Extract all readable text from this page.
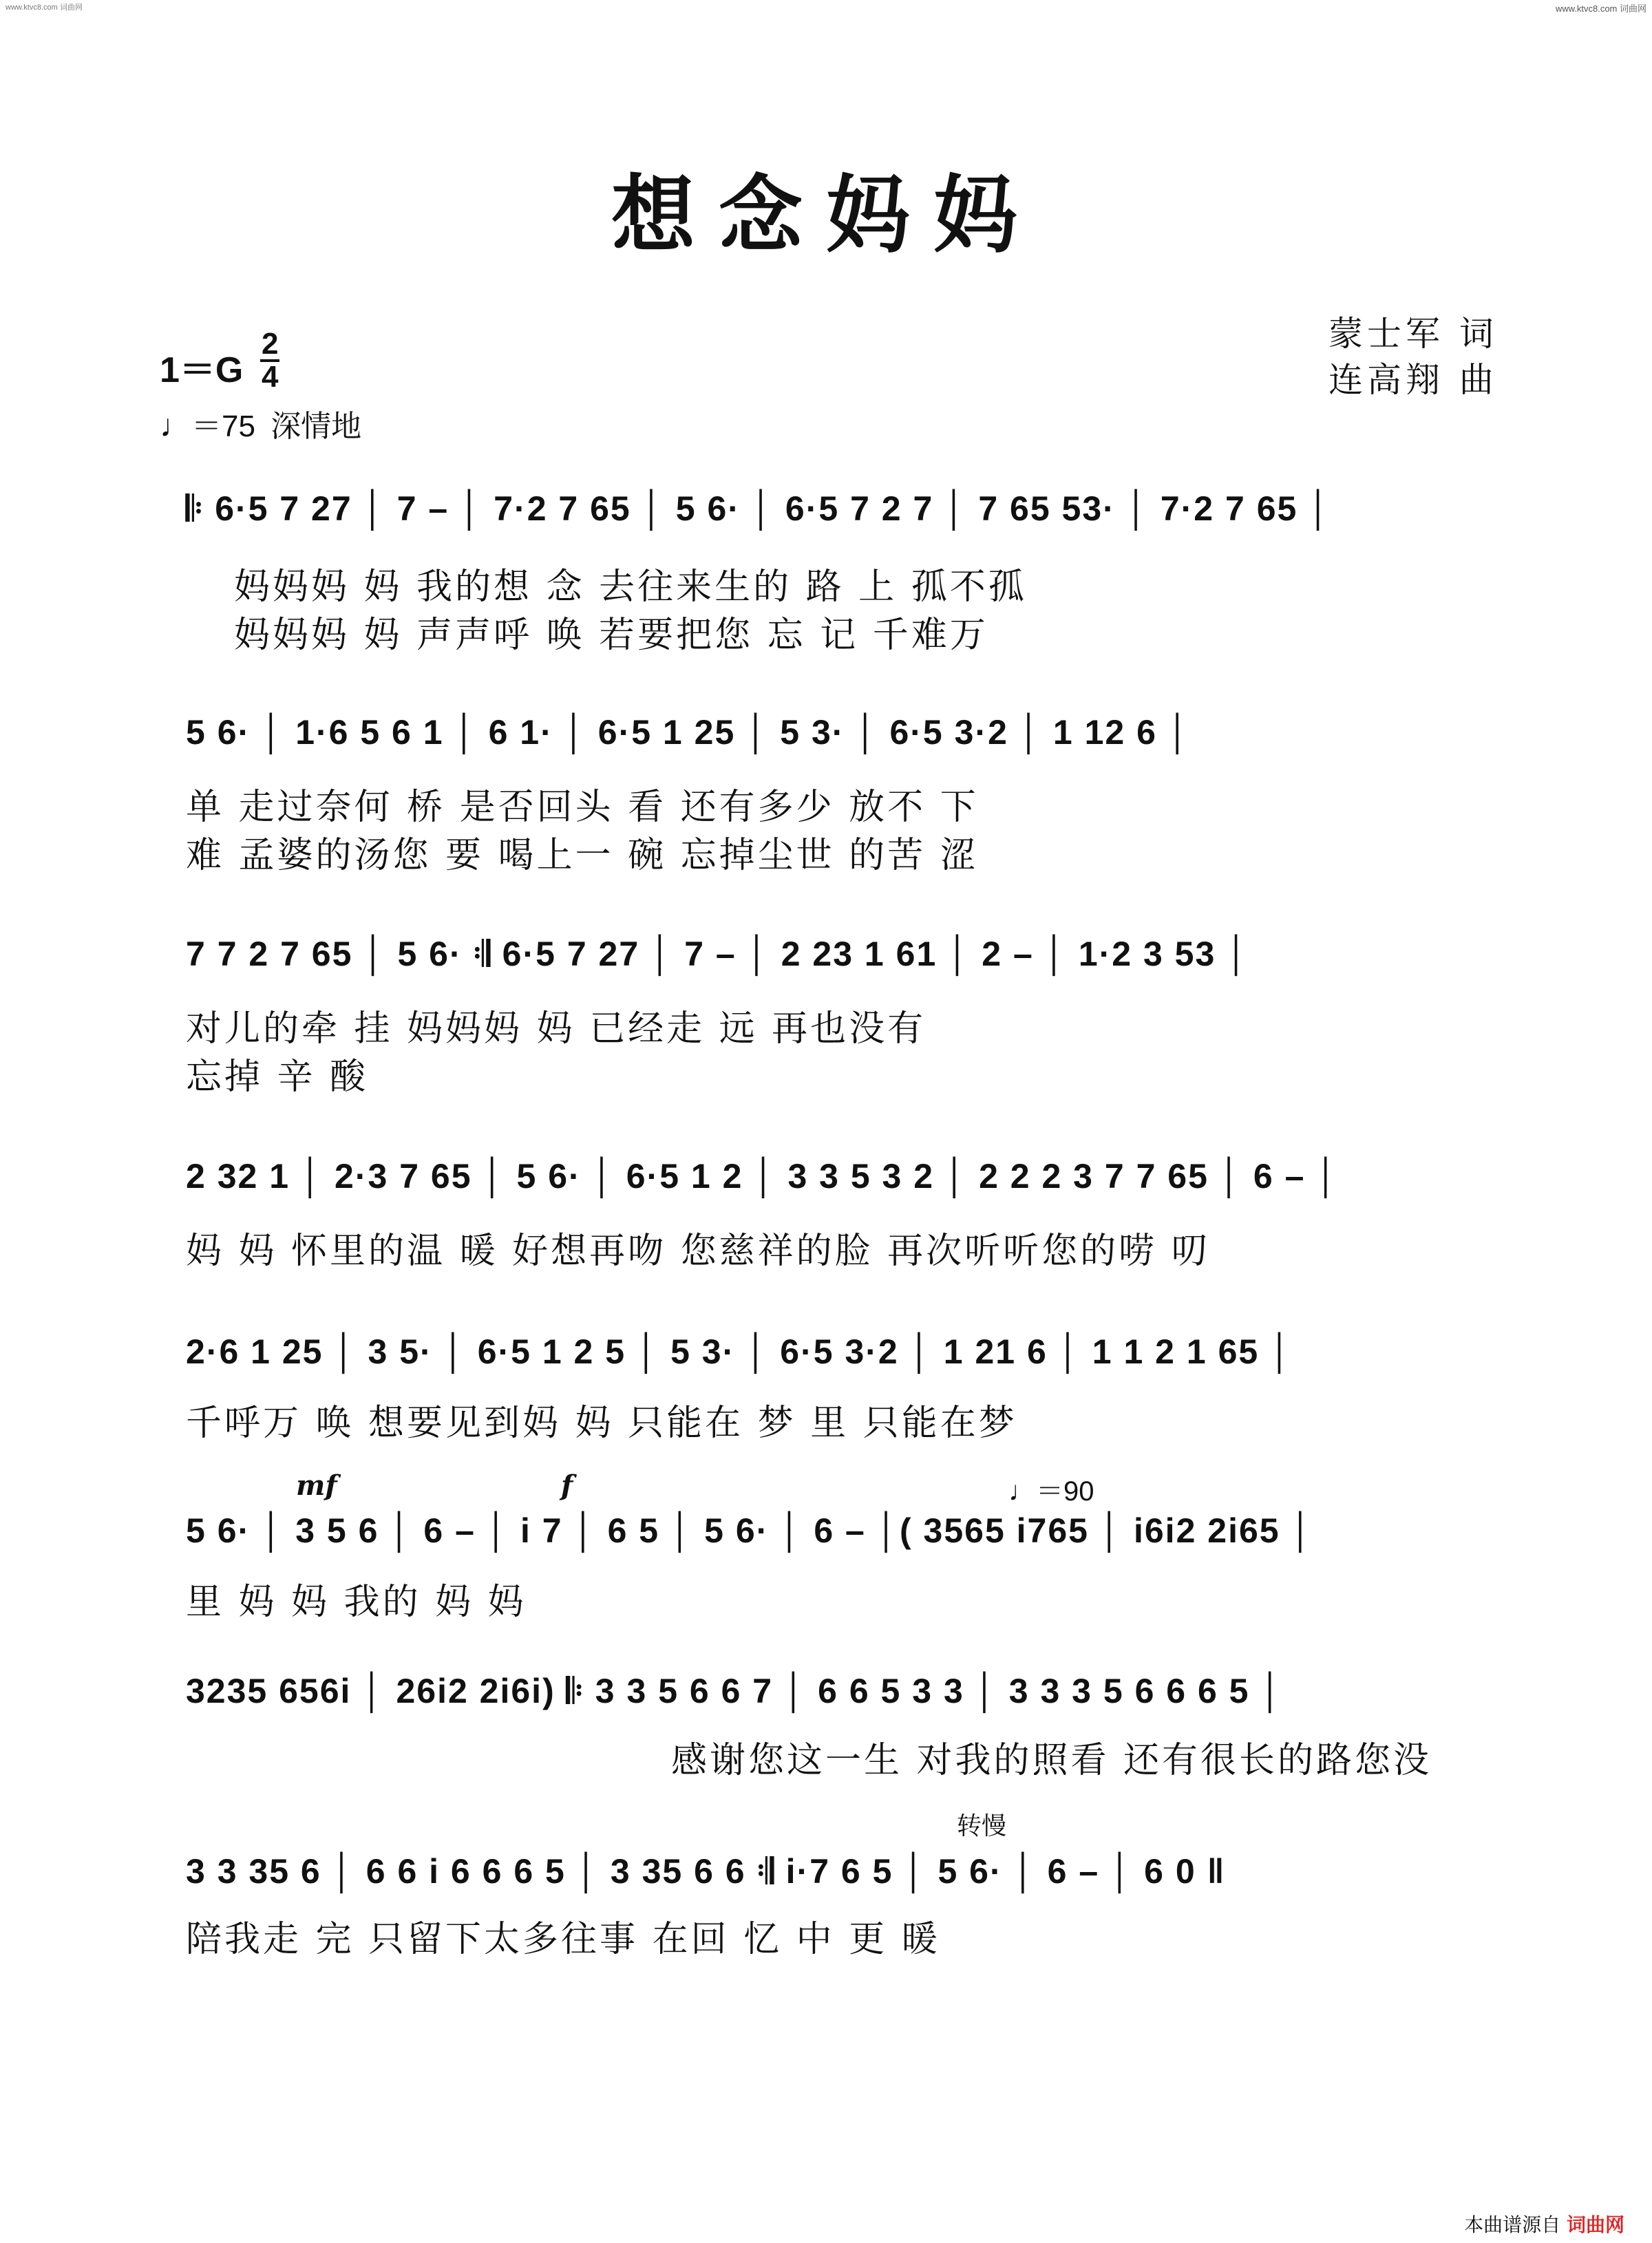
www.ktvc8.com 词曲网	www.ktvc8.com 词曲网
想念妈妈
蒙士军 词
连高翔 曲
1＝G
2
4
♩＝75 深情地
𝄆 6·5 7 27 │ 7 – │ 7·2 7 65 │ 5 6· │ 6·5 7 2 7 │ 7 65 53· │ 7·2 7 65 │
妈妈妈 妈 我的想 念 去往来生的 路 上 孤不孤
妈妈妈 妈 声声呼 唤 若要把您 忘 记 千难万
5 6· │ 1·6 5 6 1 │ 6 1· │ 6·5 1 25 │ 5 3· │ 6·5 3·2 │ 1 12 6 │
单 走过奈何 桥 是否回头 看 还有多少 放不 下
难 孟婆的汤您 要 喝上一 碗 忘掉尘世 的苦 涩
7 7 2 7 65 │ 5 6· 𝄇 6·5 7 27 │ 7 – │ 2 23 1 61 │ 2 – │ 1·2 3 53 │
对儿的牵 挂 妈妈妈 妈 已经走 远 再也没有
忘掉 辛 酸
2 32 1 │ 2·3 7 65 │ 5 6· │ 6·5 1 2 │ 3 3 5 3 2 │ 2 2 2 3 7 7 65 │ 6 – │
妈 妈 怀里的温 暖 好想再吻 您慈祥的脸 再次听听您的唠 叨
2·6 1 25 │ 3 5· │ 6·5 1 2 5 │ 5 3· │ 6·5 3·2 │ 1 21 6 │ 1 1 2 1 65 │
千呼万 唤 想要见到妈 妈 只能在 梦 里 只能在梦
mf	f	♩＝90
5 6· │ 3 5 6 │ 6 – │ i 7 │ 6 5 │ 5 6· │ 6 – │( 3565 i765 │ i6i2 2i65 │
里 妈 妈 我的 妈 妈
3235 656i │ 26i2 2i6i) 𝄆 3 3 5 6 6 7 │ 6 6 5 3 3 │ 3 3 3 5 6 6 6 5 │
感谢您这一生 对我的照看 还有很长的路您没
转慢
3 3 35 6 │ 6 6 i 6 6 6 5 │ 3 35 6 6 𝄇 i·7 6 5 │ 5 6· │ 6 – │ 6 0 ‖
陪我走 完 只留下太多往事 在回 忆 中 更 暖
本曲谱源自 词曲网
